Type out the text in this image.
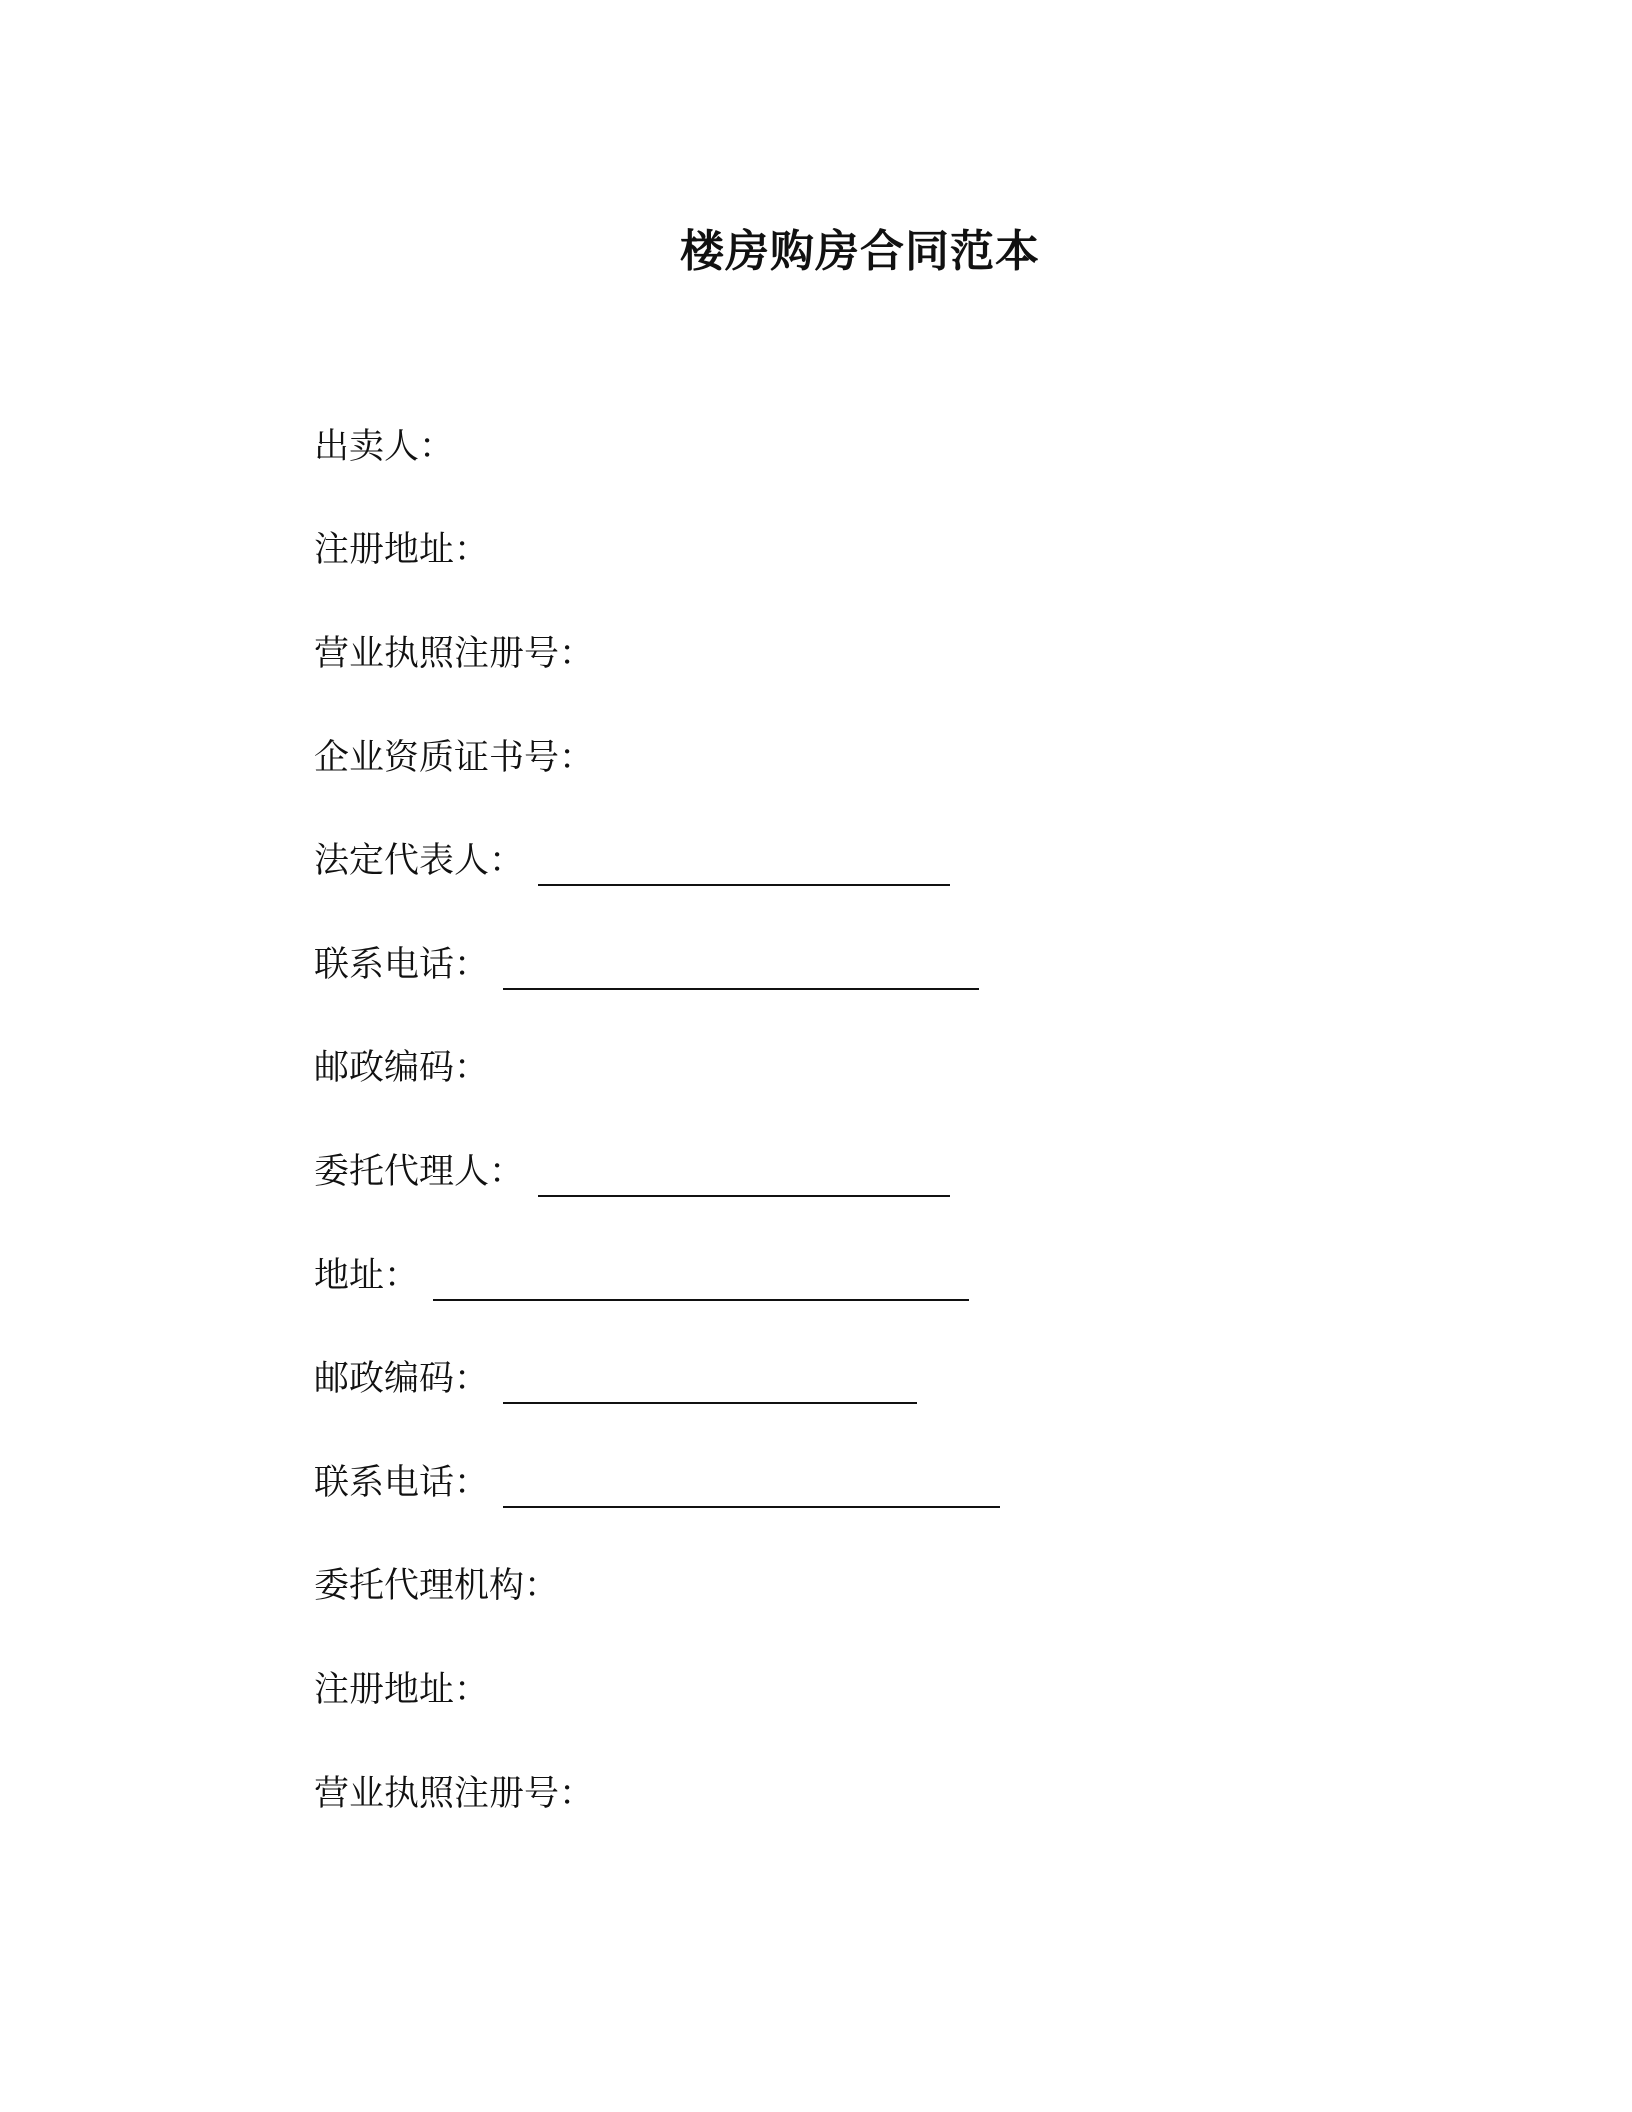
楼房购房合同范本
出卖人：
注册地址：
营业执照注册号：
企业资质证书号：
法定代表人：
联系电话：
邮政编码：
委托代理人：
地址：
邮政编码：
联系电话：
委托代理机构：
注册地址：
营业执照注册号：
